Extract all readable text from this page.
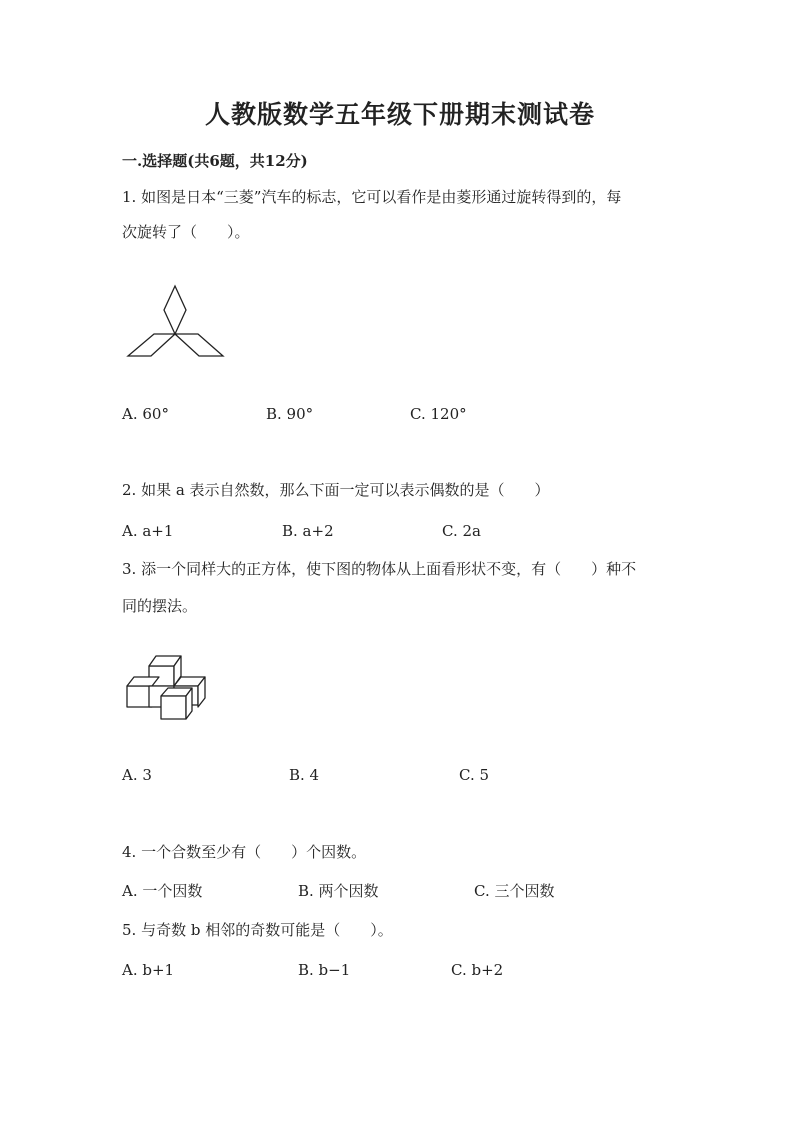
人教版数学五年级下册期末测试卷
一.选择题(共6题，共12分)
1. 如图是日本“三菱”汽车的标志，它可以看作是由菱形通过旋转得到的，每
次旋转了（　　）。
A. 60°	B. 90°	C. 120°
2. 如果 a 表示自然数，那么下面一定可以表示偶数的是（　　）
A. a+1	B. a+2	C. 2a
3. 添一个同样大的正方体，使下图的物体从上面看形状不变，有（　　）种不
同的摆法。
A. 3	B. 4	C. 5
4. 一个合数至少有（　　）个因数。
A. 一个因数	B. 两个因数	C. 三个因数
5. 与奇数 b 相邻的奇数可能是（　　）。
A. b+1	B. b−1	C. b+2
